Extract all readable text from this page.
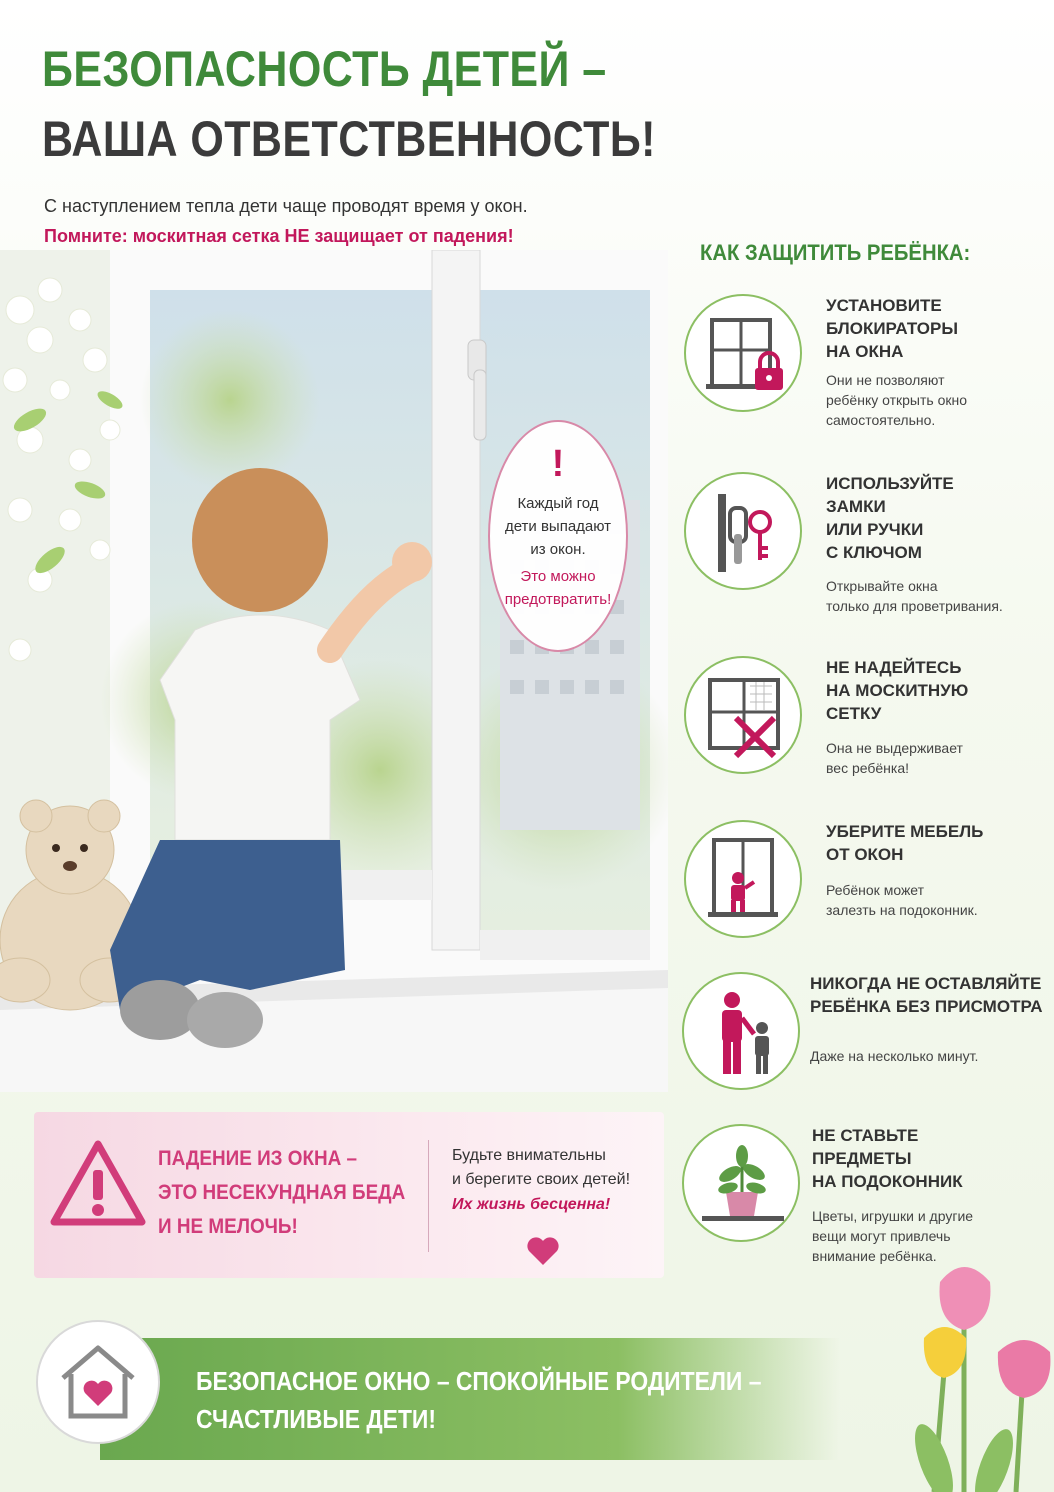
БЕЗОПАСНОСТЬ ДЕТЕЙ –
ВАША ОТВЕТСТВЕННОСТЬ!
С наступлением тепла дети чаще проводят время у окон.
Помните: москитная сетка НЕ защищает от падения!
!
Каждый год
дети выпадают
из окон.
Это можно
предотвратить!
КАК ЗАЩИТИТЬ РЕБЁНКА:
УСТАНОВИТЕ
БЛОКИРАТОРЫ
НА ОКНА
Они не позволяют
ребёнку открыть окно
самостоятельно.
ИСПОЛЬЗУЙТЕ
ЗАМКИ
ИЛИ РУЧКИ
С КЛЮЧОМ
Открывайте окна
только для проветривания.
НЕ НАДЕЙТЕСЬ
НА МОСКИТНУЮ
СЕТКУ
Она не выдерживает
вес ребёнка!
УБЕРИТЕ МЕБЕЛЬ
ОТ ОКОН
Ребёнок может
залезть на подоконник.
НИКОГДА НЕ ОСТАВЛЯЙТЕ
РЕБЁНКА БЕЗ ПРИСМОТРА
Даже на несколько минут.
НЕ СТАВЬТЕ
ПРЕДМЕТЫ
НА ПОДОКОННИК
Цветы, игрушки и другие
вещи могут привлечь
внимание ребёнка.
ПАДЕНИЕ ИЗ ОКНА –
ЭТО НЕСЕКУНДНАЯ БЕДА
И НЕ МЕЛОЧЬ!
Будьте внимательны
и берегите своих детей!
Их жизнь бесценна!
БЕЗОПАСНОЕ ОКНО – СПОКОЙНЫЕ РОДИТЕЛИ –
СЧАСТЛИВЫЕ ДЕТИ!
